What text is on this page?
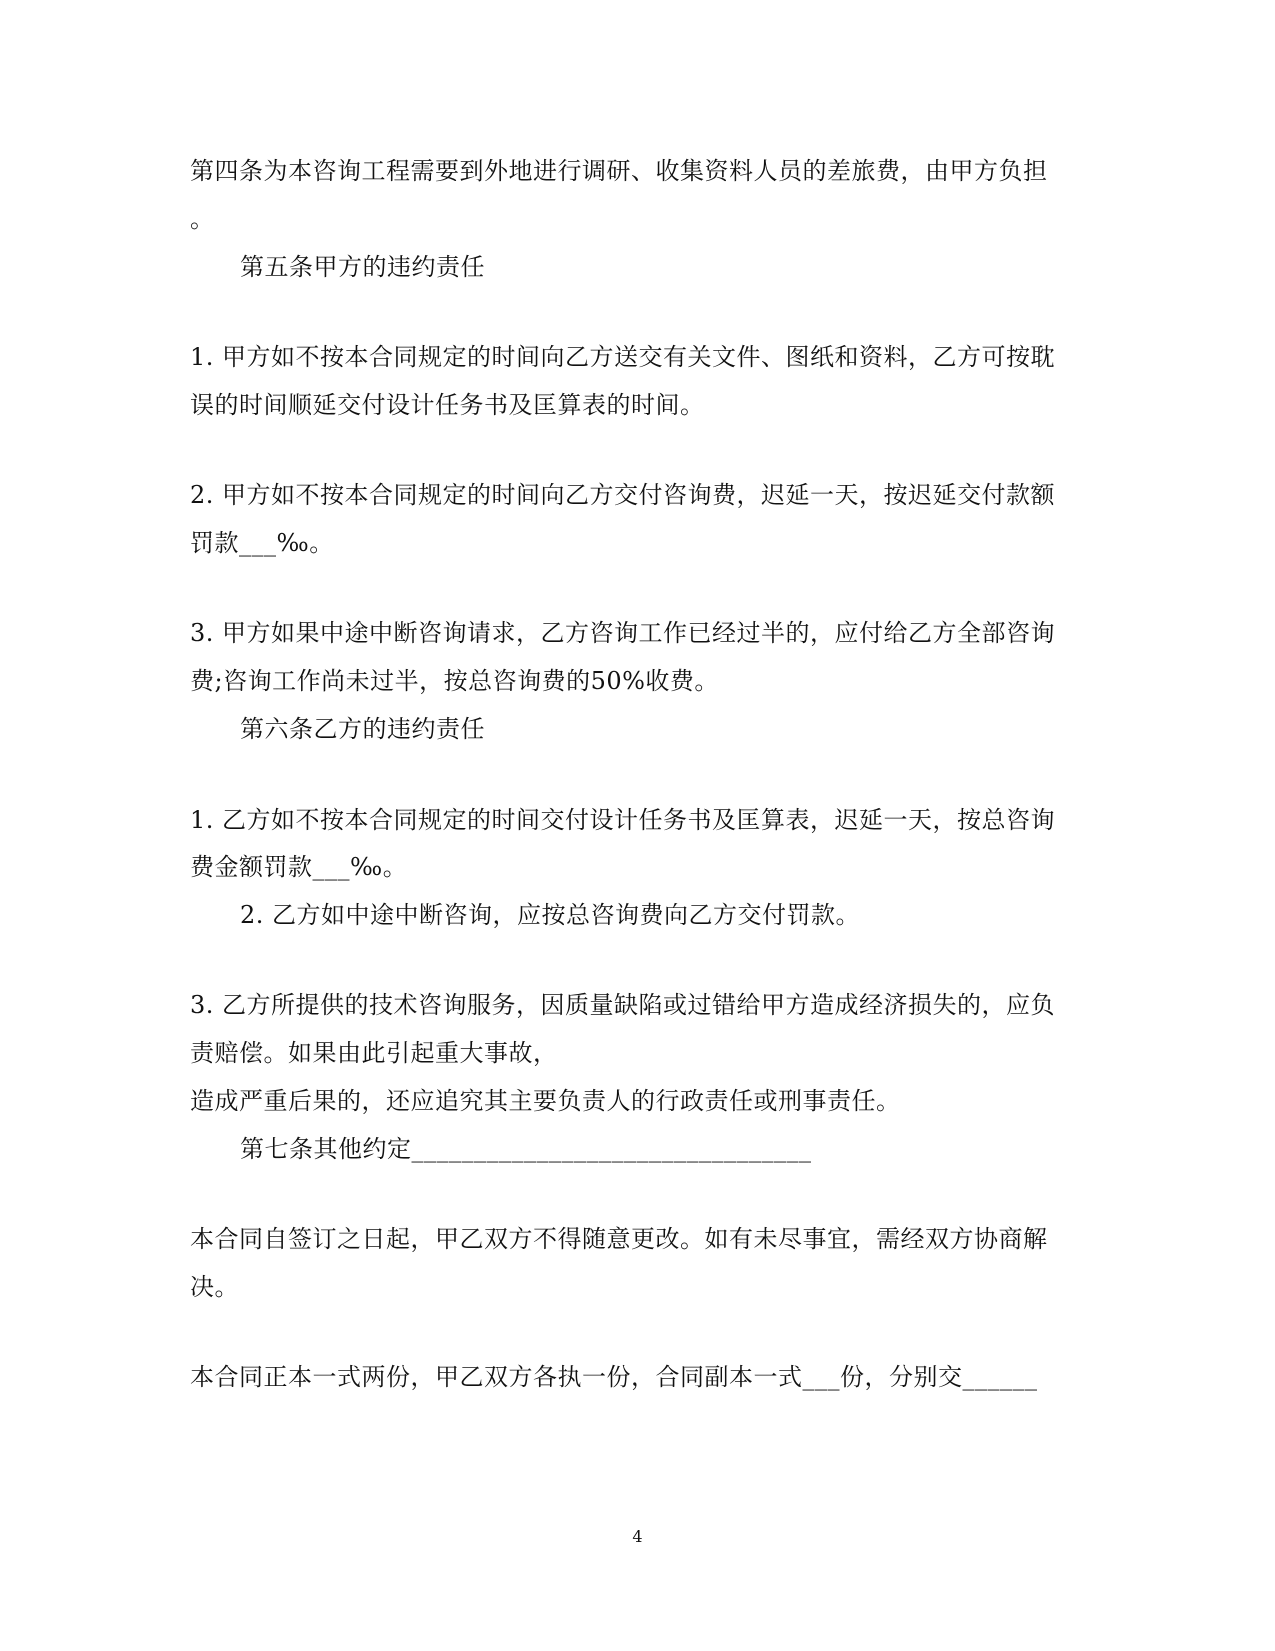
第四条为本咨询工程需要到外地进行调研、收集资料人员的差旅费，由甲方负担
。
第五条甲方的违约责任
1. 甲方如不按本合同规定的时间向乙方送交有关文件、图纸和资料，乙方可按耽
误的时间顺延交付设计任务书及匡算表的时间。
2. 甲方如不按本合同规定的时间向乙方交付咨询费，迟延一天，按迟延交付款额
罚款___‰。
3. 甲方如果中途中断咨询请求，乙方咨询工作已经过半的，应付给乙方全部咨询
费;咨询工作尚未过半，按总咨询费的50%收费。
第六条乙方的违约责任
1. 乙方如不按本合同规定的时间交付设计任务书及匡算表，迟延一天，按总咨询
费金额罚款___‰。
2. 乙方如中途中断咨询，应按总咨询费向乙方交付罚款。
3. 乙方所提供的技术咨询服务，因质量缺陷或过错给甲方造成经济损失的，应负
责赔偿。如果由此引起重大事故，
造成严重后果的，还应追究其主要负责人的行政责任或刑事责任。
第七条其他约定________________________________
本合同自签订之日起，甲乙双方不得随意更改。如有未尽事宜，需经双方协商解
决。
本合同正本一式两份，甲乙双方各执一份，合同副本一式___份，分别交______
4
